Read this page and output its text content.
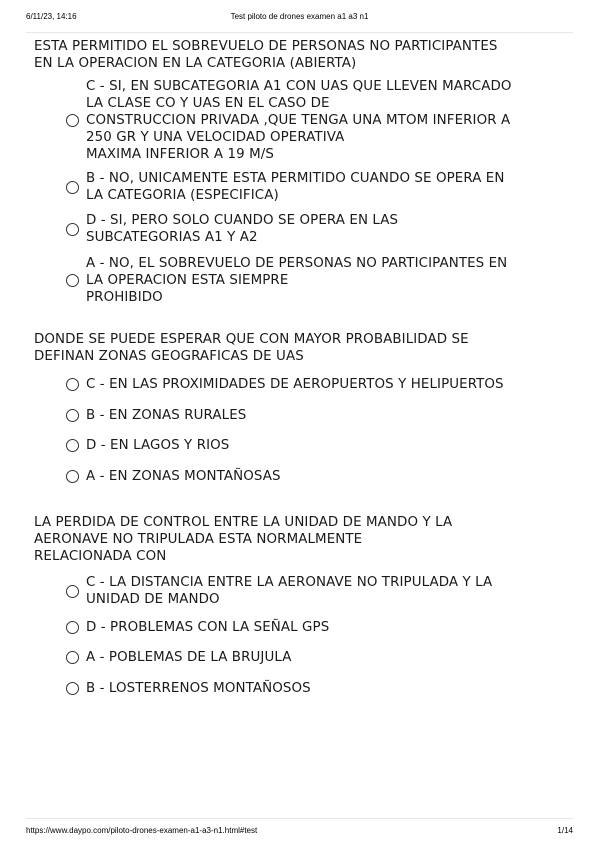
6/11/23, 14:16	Test piloto de drones examen a1 a3 n1
ESTA PERMITIDO EL SOBREVUELO DE PERSONAS NO PARTICIPANTES
EN LA OPERACION EN LA CATEGORIA (ABIERTA)
C - SI, EN SUBCATEGORIA A1 CON UAS QUE LLEVEN MARCADO
LA CLASE CO Y UAS EN EL CASO DE
CONSTRUCCION PRIVADA ,QUE TENGA UNA MTOM INFERIOR A
250 GR Y UNA VELOCIDAD OPERATIVA
MAXIMA INFERIOR A 19 M/S
B - NO, UNICAMENTE ESTA PERMITIDO CUANDO SE OPERA EN
LA CATEGORIA (ESPECIFICA)
D - SI, PERO SOLO CUANDO SE OPERA EN LAS
SUBCATEGORIAS A1 Y A2
A - NO, EL SOBREVUELO DE PERSONAS NO PARTICIPANTES EN
LA OPERACION ESTA SIEMPRE
PROHIBIDO
DONDE SE PUEDE ESPERAR QUE CON MAYOR PROBABILIDAD SE
DEFINAN ZONAS GEOGRAFICAS DE UAS
C - EN LAS PROXIMIDADES DE AEROPUERTOS Y HELIPUERTOS
B - EN ZONAS RURALES
D - EN LAGOS Y RIOS
A - EN ZONAS MONTAÑOSAS
LA PERDIDA DE CONTROL ENTRE LA UNIDAD DE MANDO Y LA
AERONAVE NO TRIPULADA ESTA NORMALMENTE
RELACIONADA CON
C - LA DISTANCIA ENTRE LA AERONAVE NO TRIPULADA Y LA
UNIDAD DE MANDO
D - PROBLEMAS CON LA SEÑAL GPS
A - POBLEMAS DE LA BRUJULA
B - LOSTERRENOS MONTAÑOSOS
https://www.daypo.com/piloto-drones-examen-a1-a3-n1.html#test	1/14
